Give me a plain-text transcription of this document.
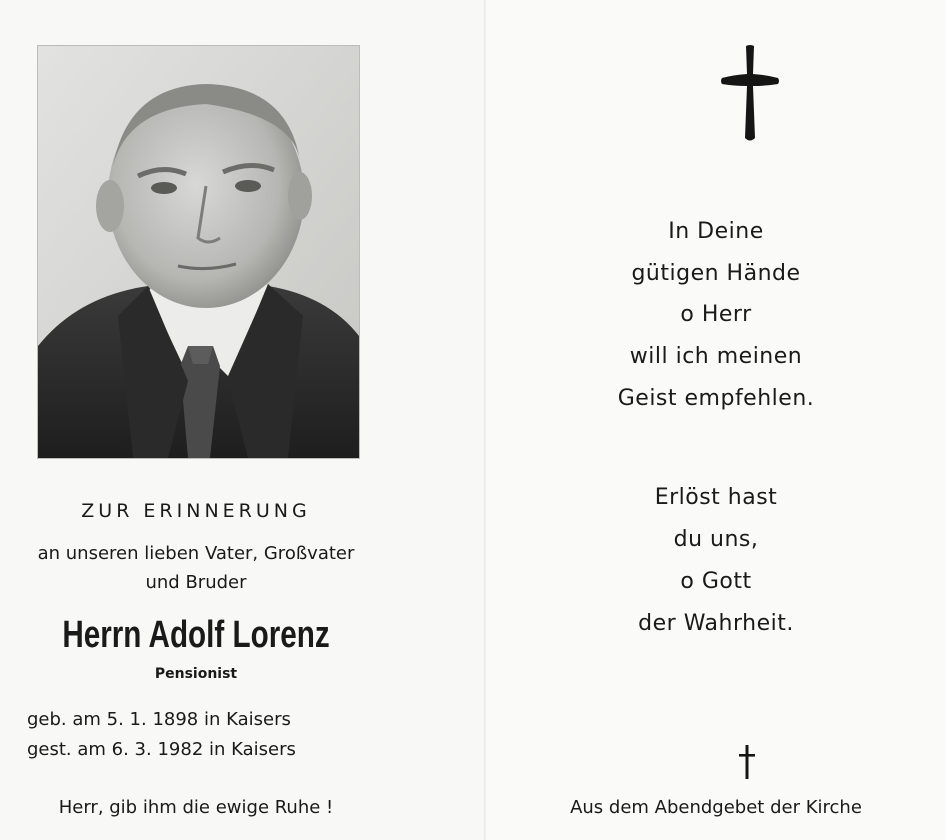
ZUR ERINNERUNG
an unseren lieben Vater, Großvater
und Bruder
Herrn Adolf Lorenz
Pensionist
geb. am 5. 1. 1898 in Kaisers
gest. am 6. 3. 1982 in Kaisers
Herr, gib ihm die ewige Ruhe !
In Deine
gütigen Hände
o Herr
will ich meinen
Geist empfehlen.
Erlöst hast
du uns,
o Gott
der Wahrheit.
Aus dem Abendgebet der Kirche
